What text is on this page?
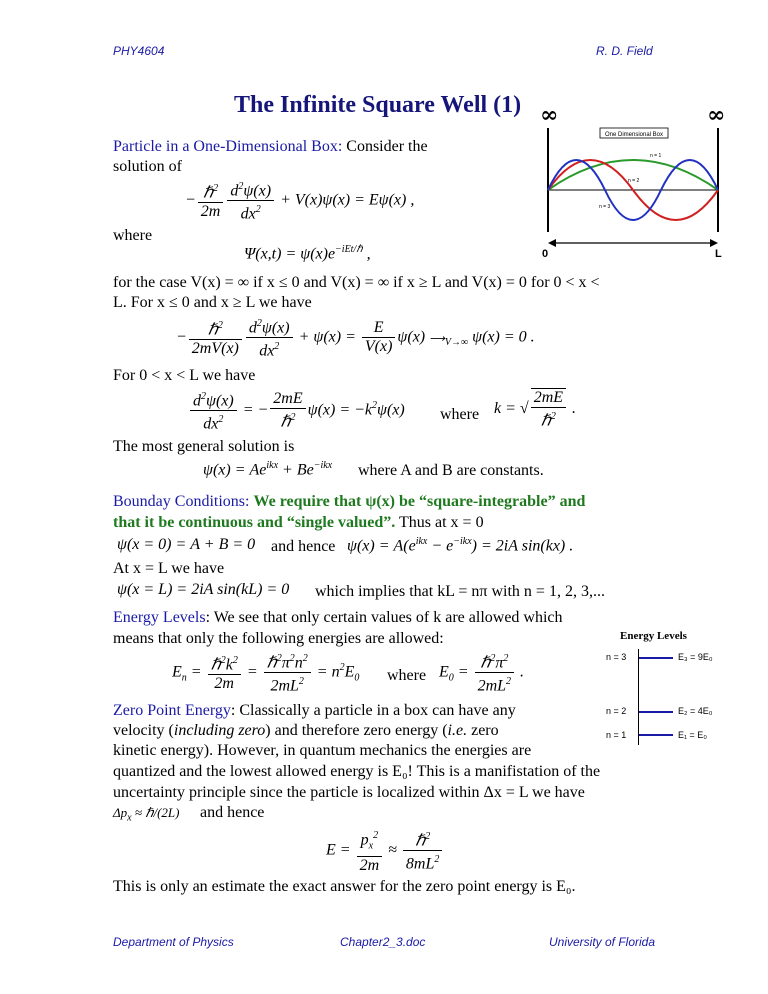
PHY4604	R. D. Field
The Infinite Square Well (1) ∞	∞
One Dimensional Box
n = 1
n = 2
n = 3
0	L
Particle in a One-Dimensional Box: Consider the
solution of
− $\frac{\hbar^2}{2m} \frac{d^2\psi(x)}{dx^2} + V(x)\psi(x) = E\psi(x)$ ,
where
$\Psi(x,t) = \psi(x)e^{-iEt/\hbar}$ ,
for the case V(x) = ∞ if x ≤ 0 and V(x) = ∞ if x ≥ L and V(x) = 0 for 0 < x <
L. For x ≤ 0 and x ≥ L we have
− $\frac{\hbar^2}{2mV(x)} \frac{d^2\psi(x)}{dx^2} + \psi(x) = \frac{E}{V(x)} \psi(x)$ $⟶_{V\to\infty}$ ψ(x) = 0 .
For 0 < x < L we have
$\frac{d^2\psi(x)}{dx^2}$ = − $\frac{2mE}{\hbar^2} \psi(x) = -k^2\psi(x)$ where k = √ $\frac{2mE}{\hbar^2}$ .
The most general solution is
$\psi(x) = Ae^{ikx} + Be^{-ikx}$ where A and B are constants.
Bounday Conditions: We require that ψ(x) be “square-integrable” and
that it be continuous and “single valued”. Thus at x = 0
ψ(x = 0) = A + B = 0 and hence $\psi(x) = A(e^{ikx} - e^{-ikx}) = 2iA$ sin(kx) .
At x = L we have
ψ(x = L) = 2iA sin(kL) = 0 which implies that kL = nπ with n = 1, 2, 3,...
Energy Levels: We see that only certain values of k are allowed which
means that only the following energies are allowed:
$E_n = \frac{\hbar^2k^2}{2m} = \frac{\hbar^2\pi^2n^2}{2mL^2} = n^2E_0$ where $E_0 = \frac{\hbar^2\pi^2}{2mL^2}$ .
Energy Levels
n = 3	E₃ = 9E₀
n = 2	E₂ = 4E₀
n = 1	E₁ = E₀
Zero Point Energy: Classically a particle in a box can have any
velocity (including zero) and therefore zero energy (i.e. zero
kinetic energy). However, in quantum mechanics the energies are
quantized and the lowest allowed energy is E₀! This is a manifistation of the
uncertainty principle since the particle is localized within Δx = L we have
$\Delta p_x$ ≈ ℏ/(2L) and hence
$E = \frac{p_x^2}{2m} \approx \frac{\hbar^2}{8mL^2}$
This is only an estimate the exact answer for the zero point energy is E₀.
Department of Physics	Chapter2_3.doc	University of Florida
